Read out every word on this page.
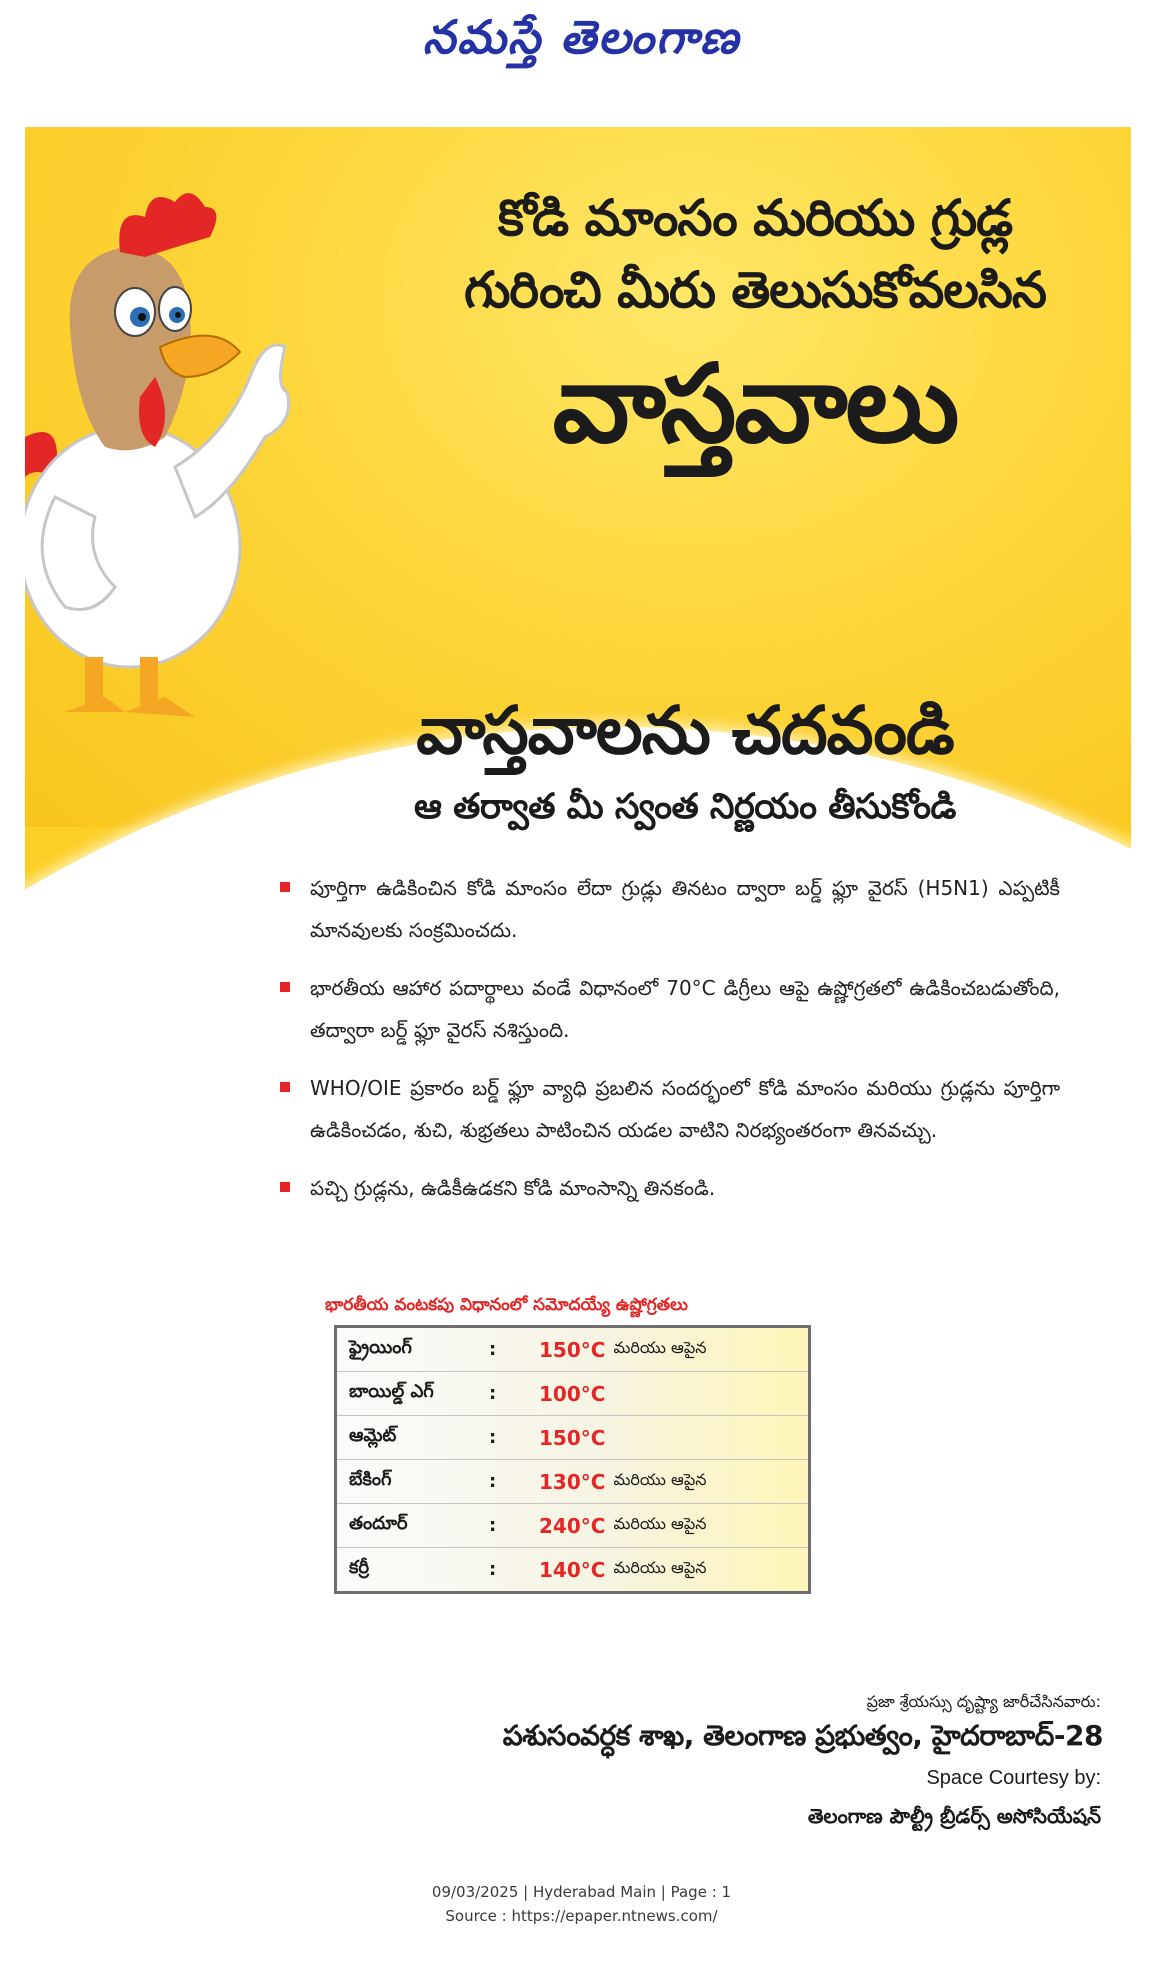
నమస్తే తెలంగాణ
కోడి మాంసం మరియు గ్రుడ్ల
గురించి మీరు తెలుసుకోవలసిన
వాస్తవాలు
వాస్తవాలను చదవండి
ఆ తర్వాత మీ స్వంత నిర్ణయం తీసుకోండి
పూర్తిగా ఉడికించిన కోడి మాంసం లేదా గ్రుడ్లు తినటం ద్వారా బర్డ్ ఫ్లూ వైరస్ (H5N1) ఎప్పటికీ మానవులకు సంక్రమించదు.
భారతీయ ఆహార పదార్థాలు వండే విధానంలో 70°C డిగ్రీలు ఆపై ఉష్ణోగ్రతలో ఉడికించబడుతోంది, తద్వారా బర్డ్ ఫ్లూ వైరస్ నశిస్తుంది.
WHO/OIE ప్రకారం బర్డ్ ఫ్లూ వ్యాధి ప్రబలిన సందర్భంలో కోడి మాంసం మరియు గ్రుడ్లను పూర్తిగా ఉడికించడం, శుచి, శుభ్రతలు పాటించిన యడల వాటిని నిరభ్యంతరంగా తినవచ్చు.
పచ్చి గ్రుడ్లను, ఉడికీఉడకని కోడి మాంసాన్ని తినకండి.
భారతీయ వంటకపు విధానంలో సమోదయ్యే ఉష్ణోగ్రతలు
ఫ్రైయింగ్	:	150°C మరియు ఆపైన
బాయిల్డ్ ఎగ్	:	100°C
ఆమ్లెట్	:	150°C
బేకింగ్	:	130°C మరియు ఆపైన
తందూర్	:	240°C మరియు ఆపైన
కర్రీ	:	140°C మరియు ఆపైన
ప్రజా శ్రేయస్సు దృష్ట్యా జారీచేసినవారు:
పశుసంవర్ధక శాఖ, తెలంగాణ ప్రభుత్వం, హైదరాబాద్-28
Space Courtesy by:
తెలంగాణ పౌల్ట్రీ బ్రీడర్స్ అసోసియేషన్
09/03/2025 | Hyderabad Main | Page : 1
Source : https://epaper.ntnews.com/
